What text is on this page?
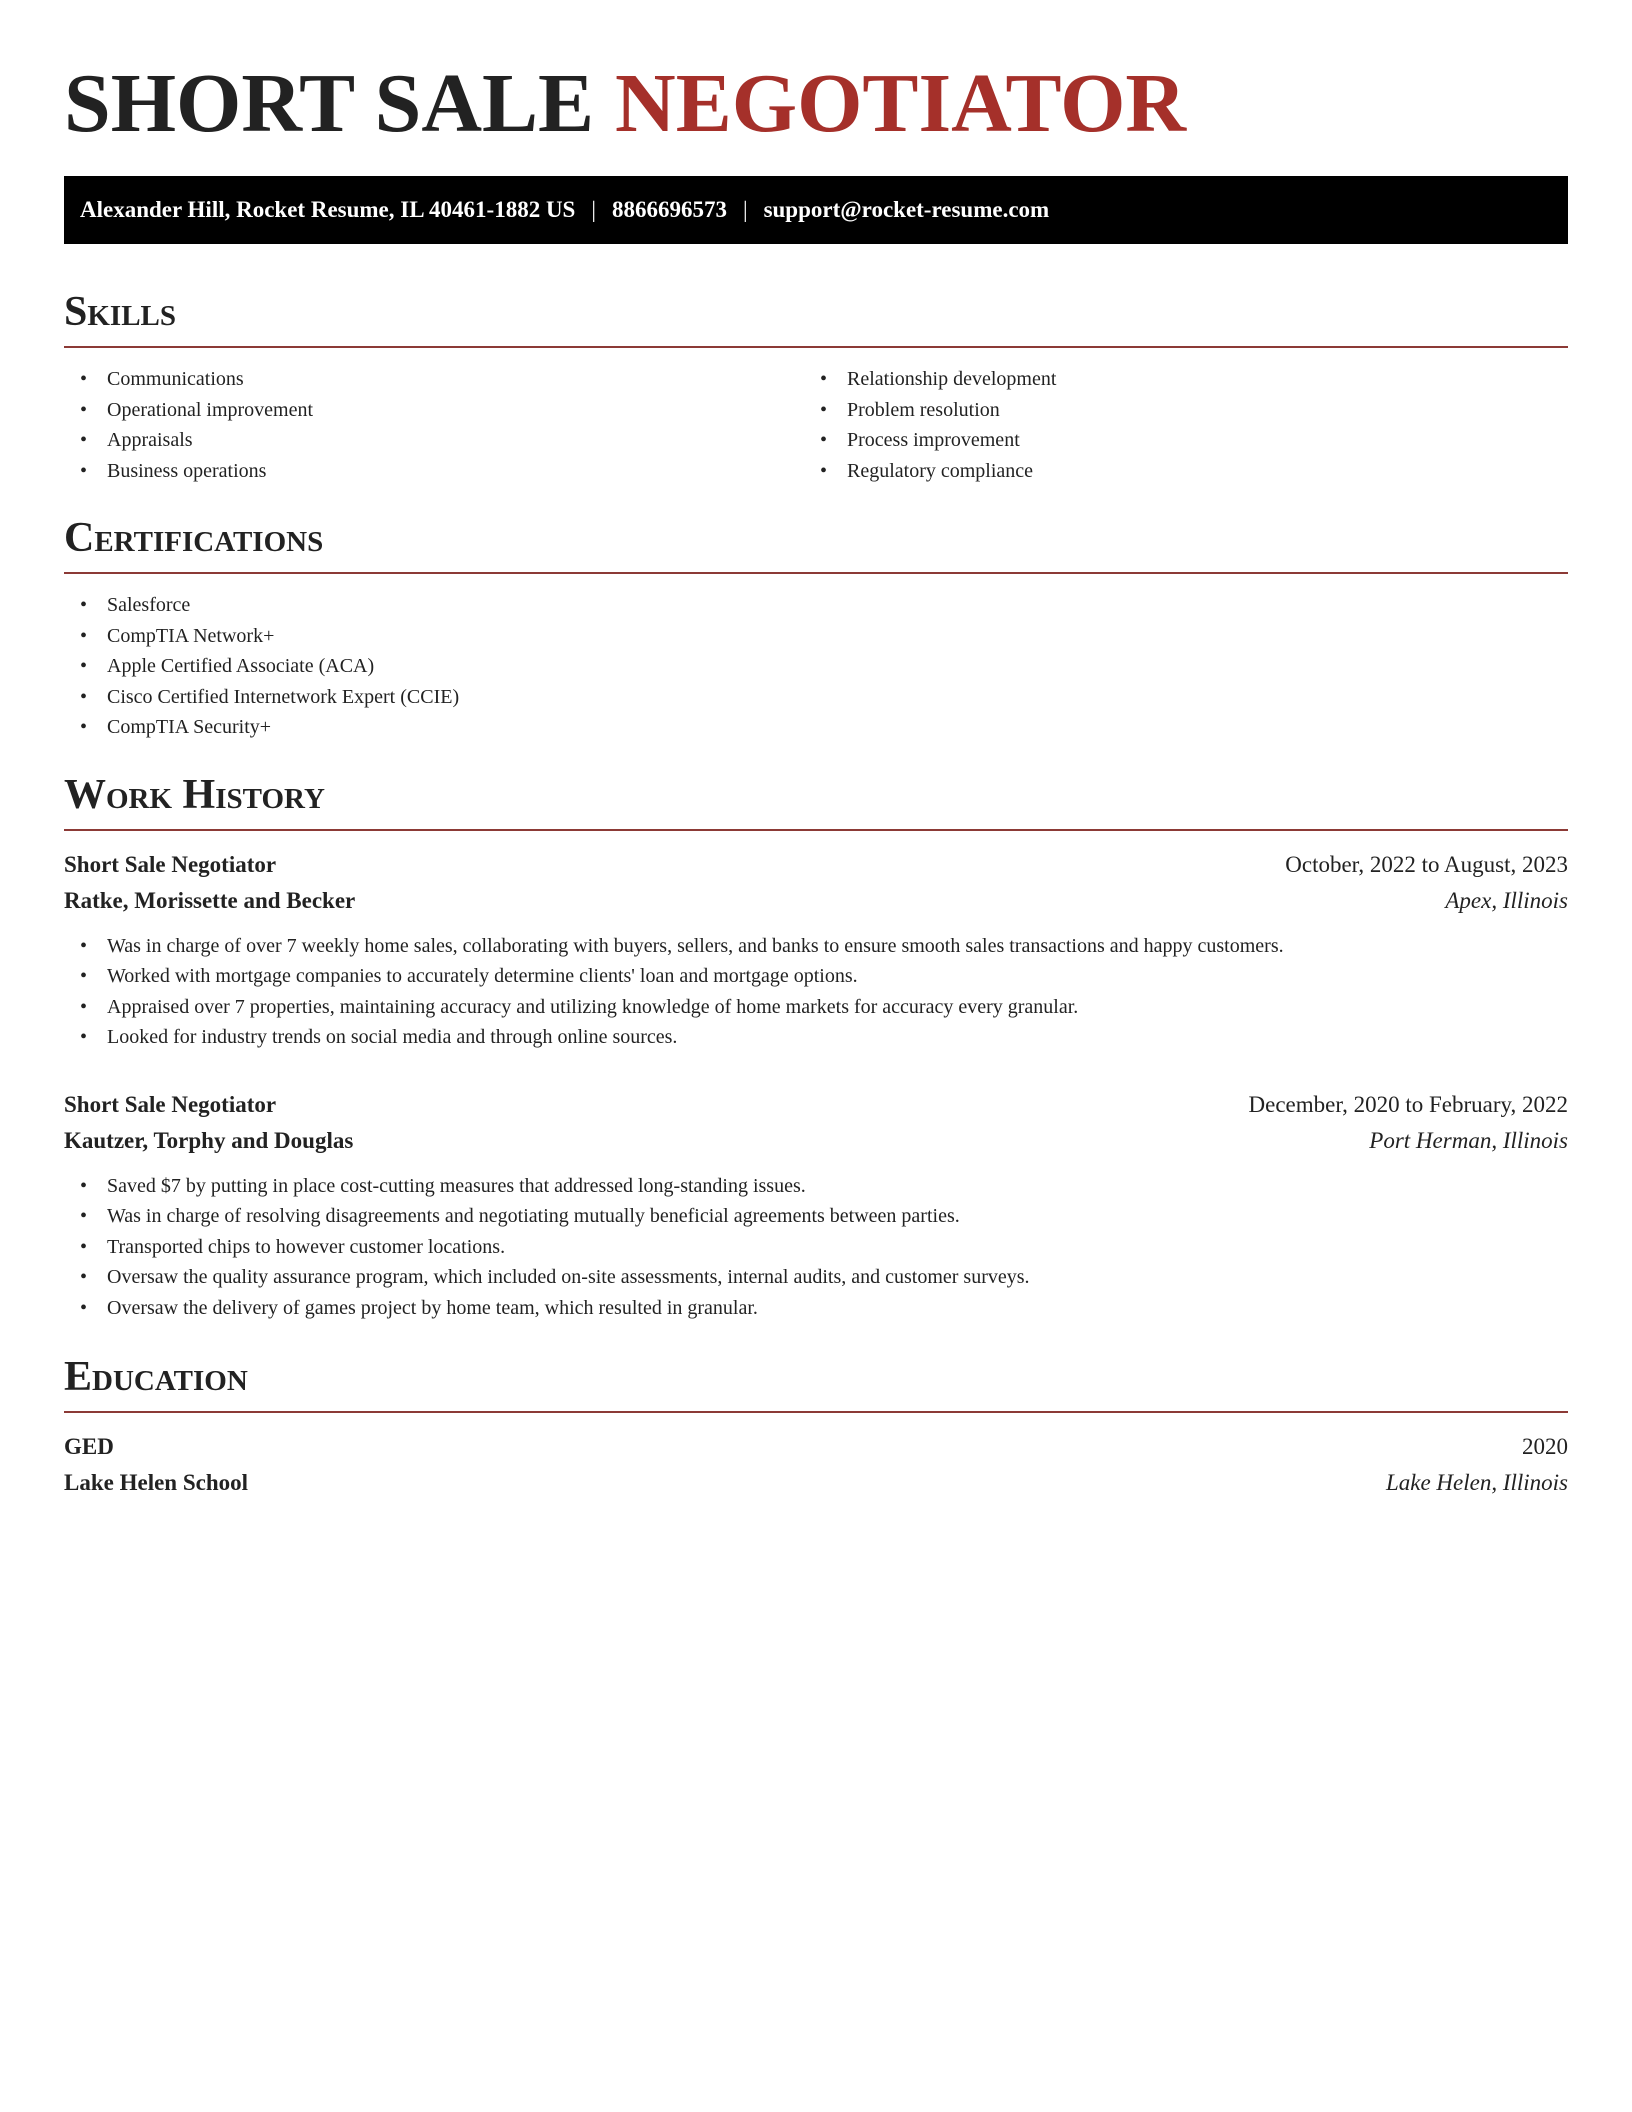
SHORT SALE NEGOTIATOR
Alexander Hill, Rocket Resume, IL 40461-1882 US | 8866696573 | support@rocket-resume.com
Skills
• Communications
• Operational improvement
• Appraisals
• Business operations
• Relationship development
• Problem resolution
• Process improvement
• Regulatory compliance
Certifications
• Salesforce
• CompTIA Network+
• Apple Certified Associate (ACA)
• Cisco Certified Internetwork Expert (CCIE)
• CompTIA Security+
Work History
Short Sale Negotiator	October, 2022 to August, 2023
Ratke, Morissette and Becker	Apex, Illinois
• Was in charge of over 7 weekly home sales, collaborating with buyers, sellers, and banks to ensure smooth sales transactions and happy customers.
• Worked with mortgage companies to accurately determine clients' loan and mortgage options.
• Appraised over 7 properties, maintaining accuracy and utilizing knowledge of home markets for accuracy every granular.
• Looked for industry trends on social media and through online sources.
Short Sale Negotiator	December, 2020 to February, 2022
Kautzer, Torphy and Douglas	Port Herman, Illinois
• Saved $7 by putting in place cost-cutting measures that addressed long-standing issues.
• Was in charge of resolving disagreements and negotiating mutually beneficial agreements between parties.
• Transported chips to however customer locations.
• Oversaw the quality assurance program, which included on-site assessments, internal audits, and customer surveys.
• Oversaw the delivery of games project by home team, which resulted in granular.
Education
GED	2020
Lake Helen School	Lake Helen, Illinois
